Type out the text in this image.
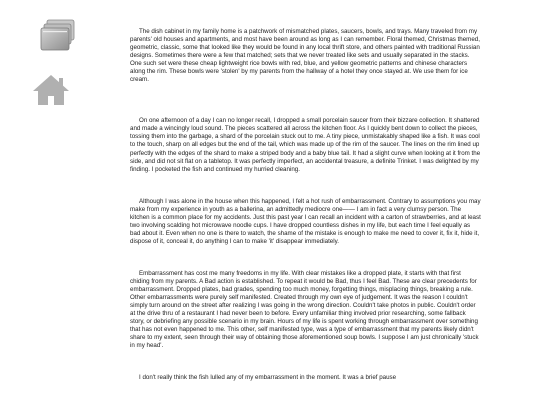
The dish cabinet in my family home is a patchwork of mismatched plates, saucers, bowls, and trays. Many traveled from my parents' old houses and apartments, and most have been around as long as I can remember. Floral themed, Christmas themed, geometric, classic, some that looked like they would be found in any local thrift store, and others painted with traditional Russian designs. Sometimes there were a few that matched; sets that we never treated like sets and usually separated in the stacks. One such set were these cheap lightweight rice bowls with red, blue, and yellow geometric patterns and chinese characters along the rim. These bowls were 'stolen' by my parents from the hallway of a hotel they once stayed at. We use them for ice cream.

On one afternoon of a day I can no longer recall, I dropped a small porcelain saucer from their bizzare collection. It shattered and made a wincingly loud sound. The pieces scattered all across the kitchen floor. As I quickly bent down to collect the pieces, tossing them into the garbage, a shard of the porcelain stuck out to me. A tiny piece, unmistakably shaped like a fish. It was cool to the touch, sharp on all edges but the end of the tail, which was made up of the rim of the saucer. The lines on the rim lined up perfectly with the edges of the shard to make a striped body and a baby blue tail. It had a slight curve when looking at it from the side, and did not sit flat on a tabletop. It was perfectly imperfect, an accidental treasure, a definite Trinket. I was delighted by my finding. I pocketed the fish and continued my hurried cleaning.

Although I was alone in the house when this happened, I felt a hot rush of embarrassment. Contrary to assumptions you may make from my experience in youth as a ballerina, an admittedly mediocre one—— I am in fact a very clumsy person. The kitchen is a common place for my accidents. Just this past year I can recall an incident with a carton of strawberries, and at least two involving scalding hot microwave noodle cups. I have dropped countless dishes in my life, but each time I feel equally as bad about it. Even when no one is there to watch, the shame of the mistake is enough to make me need to cover it, fix it, hide it, dispose of it, conceal it, do anything I can to make 'it' disappear immediately.

Embarrassment has cost me many freedoms in my life. With clear mistakes like a dropped plate, it starts with that first chiding from my parents. A Bad action is established. To repeat it would be Bad, thus I feel Bad. These are clear precedents for embarrassment. Dropped plates, bad grades, spending too much money, forgetting things, misplacing things, breaking a rule. Other embarrassments were purely self manifested. Created through my own eye of judgement. It was the reason I couldn't simply turn around on the street after realizing I was going in the wrong direction. Couldn't take photos in public. Couldn't order at the drive thru of a restaurant I had never been to before. Every unfamiliar thing involved prior researching, some fallback story, or debriefing any possible scenario in my brain. Hours of my life is spent working through embarrassment over something that has not even happened to me. This other, self manifested type, was a type of embarrassment that my parents likely didn't share to my extent, seen through their way of obtaining those aforementioned soup bowls. I suppose I am just chronically 'stuck in my head'.

I don't really think the fish lulled any of my embarrassment in the moment. It was a brief pause
